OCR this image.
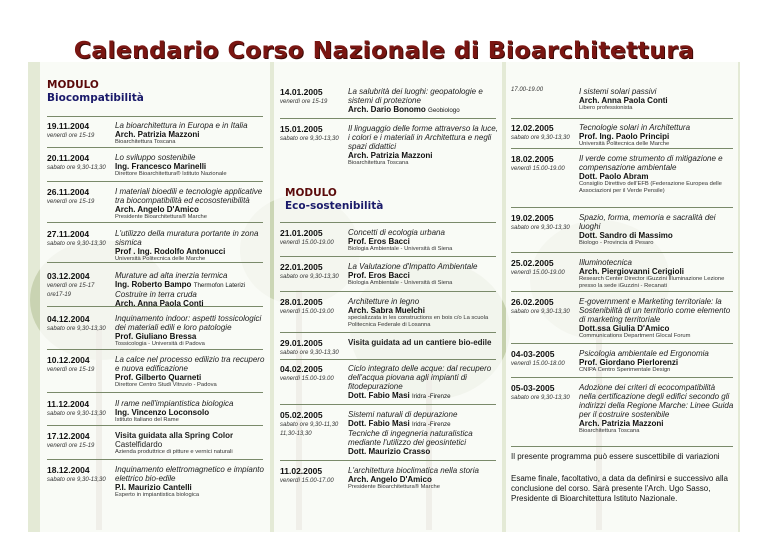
Calendario Corso Nazionale di Bioarchitettura
MODULO
Biocompatibilità
MODULO
Eco-sostenibilità
19.11.2004
venerdì ore 15-19
La bioarchitettura in Europa e in Italia
Arch. Patrizia Mazzoni
Bioarchitettura Toscana
20.11.2004
sabato ore 9,30-13,30
Lo sviluppo sostenibile
Ing. Francesco Marinelli
Direttore Bioarchitettura® Istituto Nazionale
26.11.2004
venerdì ore 15-19
I materiali bioedili e tecnologie applicative tra biocompatibilità ed ecosostenibilità
Arch. Angelo D'Amico
Presidente Bioarchitettura® Marche
27.11.2004
sabato ore 9,30-13,30
L'utilizzo della muratura portante in zona sismica
Prof . Ing. Rodolfo Antonucci
Università Politecnica delle Marche
03.12.2004
venerdì ore 15-17
ore17-19
Murature ad alta inerzia termica
Ing. Roberto Bampo Thermofon Laterizi
Costruire in terra cruda
Arch. Anna Paola Conti
04.12.2004
sabato ore 9,30-13,30
Inquinamento indoor: aspetti tossicologici dei materiali edili e loro patologie
Prof. Giuliano Bressa
Tossicologia - Università di Padova
10.12.2004
venerdì ore 15-19
La calce nel processo edilizio tra recupero e nuova edificazione
Prof. Gilberto Quarneti
Direttore Centro Studi Vitruvio - Padova
11.12.2004
sabato ore 9,30-13,30
Il rame nell'impiantistica biologica
Ing. Vincenzo Loconsolo
Istituto Italiano del Rame
17.12.2004
venerdì ore 15-19
Visita guidata alla Spring Color
Castelfidardo
Azienda produttrice di pitture e vernici naturali
18.12.2004
sabato ore 9,30-13,30
Inquinamento elettromagnetico e impianto elettrico bio-edile
P.I. Maurizio Cantelli
Esperto in impiantistica biologica
14.01.2005
venerdì ore 15-19
La salubrità dei luoghi: geopatologie e sistemi di protezione
Arch. Dario Bonomo Geobiologo
15.01.2005
sabato ore 9,30-13,30
Il linguaggio delle forme attraverso la luce, i colori e i materiali in Architettura e negli spazi didattici
Arch. Patrizia Mazzoni
Bioarchitettura Toscana
21.01.2005
venerdì 15.00-19.00
Concetti di ecologia urbana
Prof. Eros Bacci
Biologia Ambientale - Università di Siena
22.01.2005
sabato ore 9,30-13,30
La Valutazione d'Impatto Ambientale
Prof. Eros Bacci
Biologia Ambientale - Università di Siena
28.01.2005
venerdì 15.00-19.00
Architetture in legno
Arch. Sabra Muelchi
specializzata in les constructions en bois c/o La scuola Politecnica Federale di Losanna
29.01.2005
sabato ore 9,30-13,30
Visita guidata ad un cantiere bio-edile
04.02.2005
venerdì 15.00-19.00
Ciclo integrato delle acque: dal recupero dell'acqua piovana agli impianti di fitodepurazione
Dott. Fabio Masi Iridra -Firenze
05.02.2005
sabato ore 9,30-11,30
11,30-13,30
Sistemi naturali di depurazione
Dott. Fabio Masi Iridra -Firenze
Tecniche di ingegneria naturalistica mediante l'utilizzo dei geosintetici
Dott. Maurizio Crasso
11.02.2005
venerdì 15.00-17.00
L'architettura bioclimatica nella storia
Arch. Angelo D'Amico
Presidente Bioarchitettura® Marche
17.00-19.00	I sistemi solari passivi
Arch. Anna Paola Conti
Libero professionista
12.02.2005
sabato ore 9,30-13,30
Tecnologie solari in Architettura
Prof. Ing. Paolo Principi
Università Politecnica delle Marche
18.02.2005
venerdì 15.00-19.00
Il verde come strumento di mitigazione e compensazione ambientale
Dott. Paolo Abram
Consiglio Direttivo dell'EFB (Federazione Europea delle Associazioni per il Verde Pensile)
19.02.2005
sabato ore 9,30-13,30
Spazio, forma, memoria e sacralità dei luoghi
Dott. Sandro di Massimo
Biologo - Provincia di Pesaro
25.02.2005
venerdì 15.00-19.00
Illuminotecnica
Arch. Piergiovanni Cerigioli
Research Center Director iGuzzini Illuminazione Lezione presso la sede iGuzzini - Recanati
26.02.2005
sabato ore 9,30-13,30
E-government e Marketing territoriale: la Sostenibilità di un territorio come elemento di marketing territoriale
Dott.ssa Giulia D'Amico
Communications Department Glocal Forum
04-03-2005
venerdì 15.00-18.00
Psicologia ambientale ed Ergonomia
Prof. Giordano Pierlorenzi
CNIPA Centro Sperimentale Design
05-03-2005
sabato ore 9,30-13,30
Adozione dei criteri di ecocompatibilità nella certificazione degli edifici secondo gli indirizzi della Regione Marche: Linee Guida per il costruire sostenibile
Arch. Patrizia Mazzoni
Bioarchitettura Toscana
Il presente programma può essere suscettibile di variazioni
Esame finale, facoltativo, a data da definirsi e successivo alla conclusione del corso. Sarà presente l'Arch. Ugo Sasso, Presidente di Bioarchitettura Istituto Nazionale.
